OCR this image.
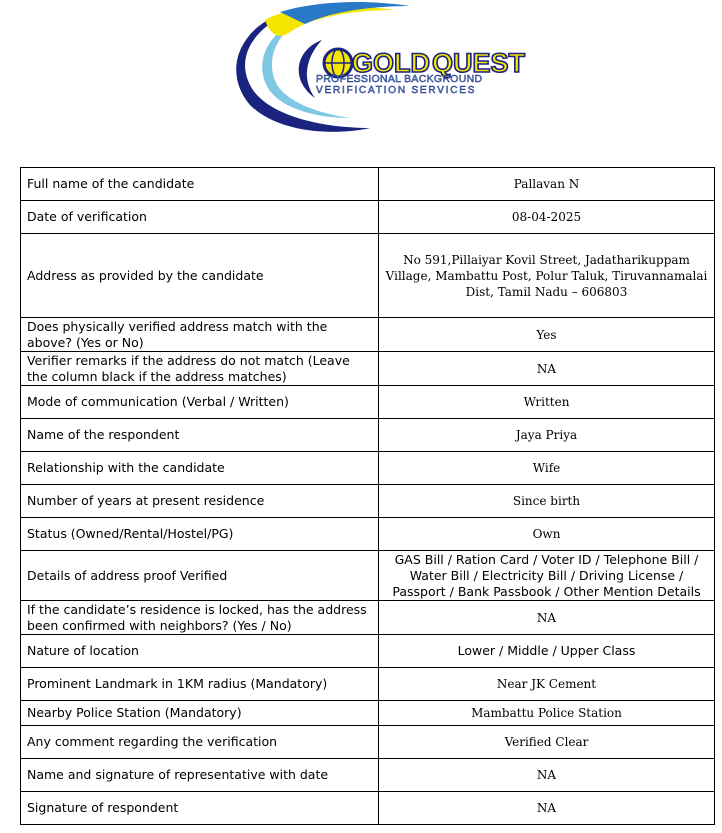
GOLD QUEST
PROFESSIONAL BACKGROUND
VERIFICATION SERVICES
Full name of the candidate	Pallavan N
Date of verification	08-04-2025
Address as provided by the candidate	No 591,Pillaiyar Kovil Street, Jadatharikuppam Village, Mambattu Post, Polur Taluk, Tiruvannamalai Dist, Tamil Nadu – 606803
Does physically verified address match with the above? (Yes or No)	Yes
Verifier remarks if the address do not match (Leave the column black if the address matches)	NA
Mode of communication (Verbal / Written)	Written
Name of the respondent	Jaya Priya
Relationship with the candidate	Wife
Number of years at present residence	Since birth
Status (Owned/Rental/Hostel/PG)	Own
Details of address proof Verified	GAS Bill / Ration Card / Voter ID / Telephone Bill / Water Bill / Electricity Bill / Driving License / Passport / Bank Passbook / Other Mention Details
If the candidate’s residence is locked, has the address been confirmed with neighbors? (Yes / No)	NA
Nature of location	Lower / Middle / Upper Class
Prominent Landmark in 1KM radius (Mandatory)	Near JK Cement
Nearby Police Station (Mandatory)	Mambattu Police Station
Any comment regarding the verification	Verified Clear
Name and signature of representative with date	NA
Signature of respondent	NA
